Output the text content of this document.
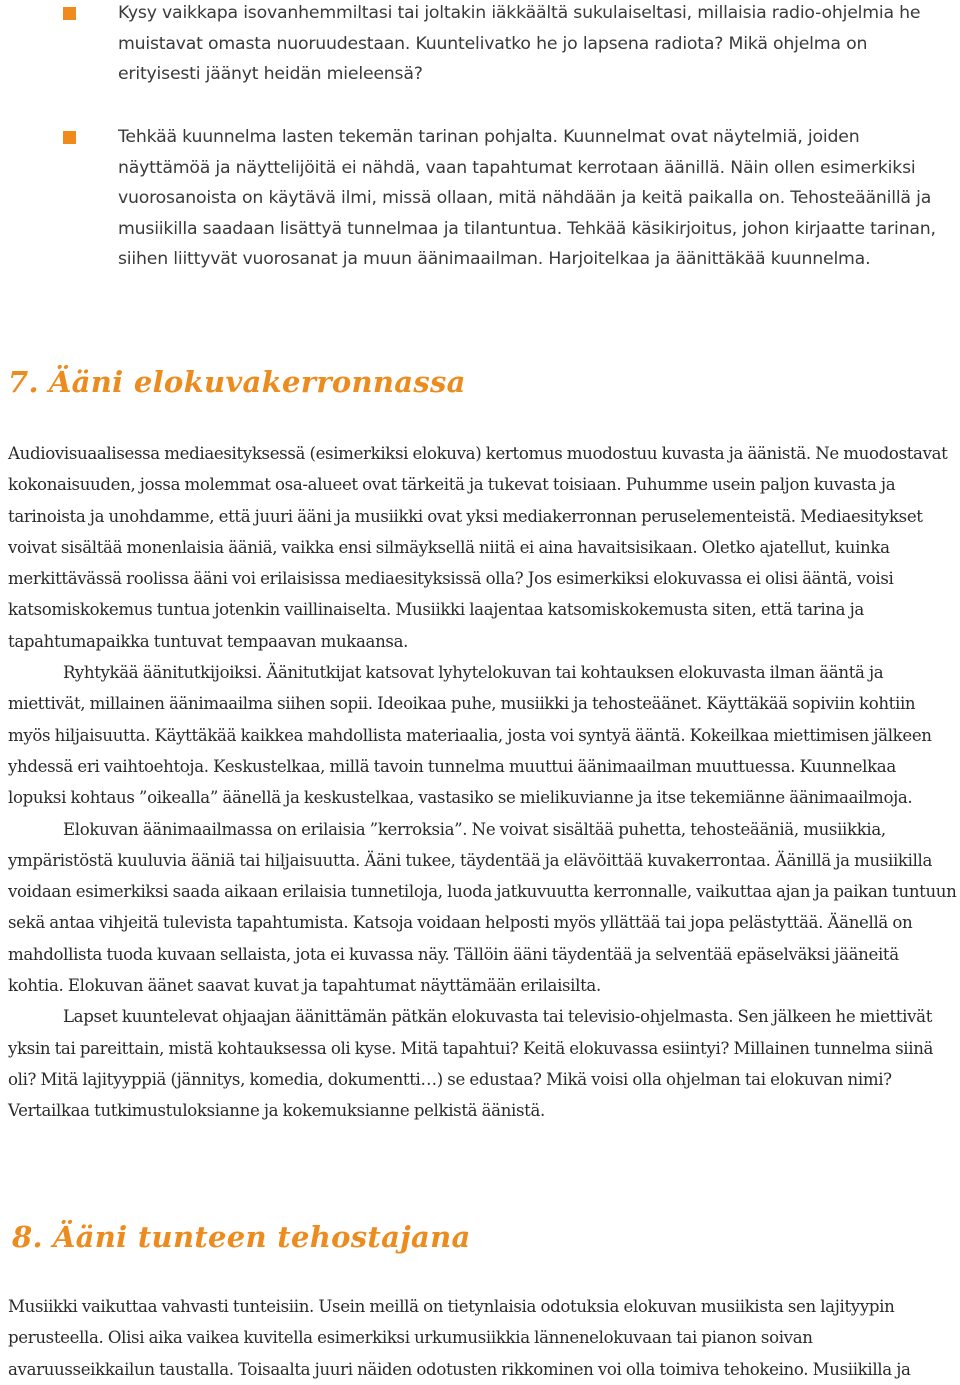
Kysy vaikkapa isovanhemmiltasi tai joltakin iäkkäältä sukulaiseltasi, millaisia radio-ohjelmia he muistavat omasta nuoruudestaan. Kuuntelivatko he jo lapsena radiota? Mikä ohjelma on erityisesti jäänyt heidän mieleensä?

Tehkää kuunnelma lasten tekemän tarinan pohjalta. Kuunnelmat ovat näytelmiä, joiden näyttämöä ja näyttelijöitä ei nähdä, vaan tapahtumat kerrotaan äänillä. Näin ollen esimerkiksi vuorosanoista on käytävä ilmi, missä ollaan, mitä nähdään ja keitä paikalla on. Tehosteäänillä ja musiikilla saadaan lisättyä tunnelmaa ja tilantuntua. Tehkää käsikirjoitus, johon kirjaatte tarinan, siihen liittyvät vuorosanat ja muun äänimaailman. Harjoitelkaa ja äänittäkää kuunnelma.

7. Ääni elokuvakerronnassa

Audiovisuaalisessa mediaesityksessä (esimerkiksi elokuva) kertomus muodostuu kuvasta ja äänistä. Ne muodostavat kokonaisuuden, jossa molemmat osa-alueet ovat tärkeitä ja tukevat toisiaan. Puhumme usein paljon kuvasta ja tarinoista ja unohdamme, että juuri ääni ja musiikki ovat yksi mediakerronnan peruselementeistä. Mediaesitykset voivat sisältää monenlaisia ääniä, vaikka ensi silmäyksellä niitä ei aina havaitsisikaan. Oletko ajatellut, kuinka merkittävässä roolissa ääni voi erilaisissa mediaesityksissä olla? Jos esimerkiksi elokuvassa ei olisi ääntä, voisi katsomiskokemus tuntua jotenkin vaillinaiselta. Musiikki laajentaa katsomiskokemusta siten, että tarina ja tapahtumapaikka tuntuvat tempaavan mukaansa.

Ryhtykää äänitutkijoiksi. Äänitutkijat katsovat lyhytelokuvan tai kohtauksen elokuvasta ilman ääntä ja miettivät, millainen äänimaailma siihen sopii. Ideoikaa puhe, musiikki ja tehosteäänet. Käyttäkää sopiviin kohtiin myös hiljaisuutta. Käyttäkää kaikkea mahdollista materiaalia, josta voi syntyä ääntä. Kokeilkaa miettimisen jälkeen yhdessä eri vaihtoehtoja. Keskustelkaa, millä tavoin tunnelma muuttui äänimaailman muuttuessa. Kuunnelkaa lopuksi kohtaus ”oikealla” äänellä ja keskustelkaa, vastasiko se mielikuvianne ja itse tekemiänne äänimaailmoja.

Elokuvan äänimaailmassa on erilaisia ”kerroksia”. Ne voivat sisältää puhetta, tehosteääniä, musiikkia, ympäristöstä kuuluvia ääniä tai hiljaisuutta. Ääni tukee, täydentää ja elävöittää kuvakerrontaa. Äänillä ja musiikilla voidaan esimerkiksi saada aikaan erilaisia tunnetiloja, luoda jatkuvuutta kerronnalle, vaikuttaa ajan ja paikan tuntuun sekä antaa vihjeitä tulevista tapahtumista. Katsoja voidaan helposti myös yllättää tai jopa pelästyttää. Äänellä on mahdollista tuoda kuvaan sellaista, jota ei kuvassa näy. Tällöin ääni täydentää ja selventää epäselväksi jääneitä kohtia. Elokuvan äänet saavat kuvat ja tapahtumat näyttämään erilaisilta.

Lapset kuuntelevat ohjaajan äänittämän pätkän elokuvasta tai televisio-ohjelmasta. Sen jälkeen he miettivät yksin tai pareittain, mistä kohtauksessa oli kyse. Mitä tapahtui? Keitä elokuvassa esiintyi? Millainen tunnelma siinä oli? Mitä lajityyppiä (jännitys, komedia, dokumentti…) se edustaa? Mikä voisi olla ohjelman tai elokuvan nimi? Vertailkaa tutkimustuloksianne ja kokemuksianne pelkistä äänistä.

8. Ääni tunteen tehostajana

Musiikki vaikuttaa vahvasti tunteisiin. Usein meillä on tietynlaisia odotuksia elokuvan musiikista sen lajityypin perusteella. Olisi aika vaikea kuvitella esimerkiksi urkumusiikkia lännenelokuvaan tai pianon soivan avaruusseikkailun taustalla. Toisaalta juuri näiden odotusten rikkominen voi olla toimiva tehokeino. Musiikilla ja
